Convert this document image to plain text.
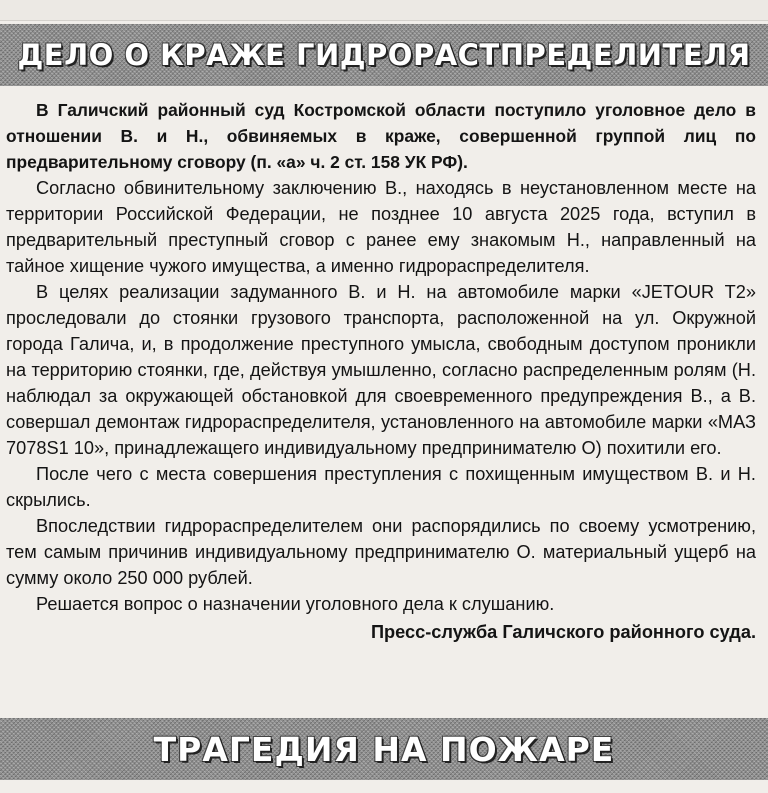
ДЕЛО О КРАЖЕ ГИДРОРАСТПРЕДЕЛИТЕЛЯ

В Галичский районный суд Костромской области поступило уголовное дело в отношении В. и Н., обвиняемых в краже, совершенной группой лиц по предварительному сговору (п. «а» ч. 2 ст. 158 УК РФ).

Согласно обвинительному заключению В., находясь в неустановленном месте на территории Российской Федерации, не позднее 10 августа 2025 года, вступил в предварительный преступный сговор с ранее ему знакомым Н., направленный на тайное хищение чужого имущества, а именно гидрораспределителя.

В целях реализации задуманного В. и Н. на автомобиле марки «JETOUR T2» проследовали до стоянки грузового транспорта, расположенной на ул. Окружной города Галича, и, в продолжение преступного умысла, свободным доступом проникли на территорию стоянки, где, действуя умышленно, согласно распределенным ролям (Н. наблюдал за окружающей обстановкой для своевременного предупреждения В., а В. совершал демонтаж гидрораспределителя, установленного на автомобиле марки «МАЗ 7078S1 10», принадлежащего индивидуальному предпринимателю О) похитили его.

После чего с места совершения преступления с похищенным имуществом В. и Н. скрылись.

Впоследствии гидрораспределителем они распорядились по своему усмотрению, тем самым причинив индивидуальному предпринимателю О. материальный ущерб на сумму около 250 000 рублей.

Решается вопрос о назначении уголовного дела к слушанию.

Пресс-служба Галичского районного суда.

ТРАГЕДИЯ НА ПОЖАРЕ
